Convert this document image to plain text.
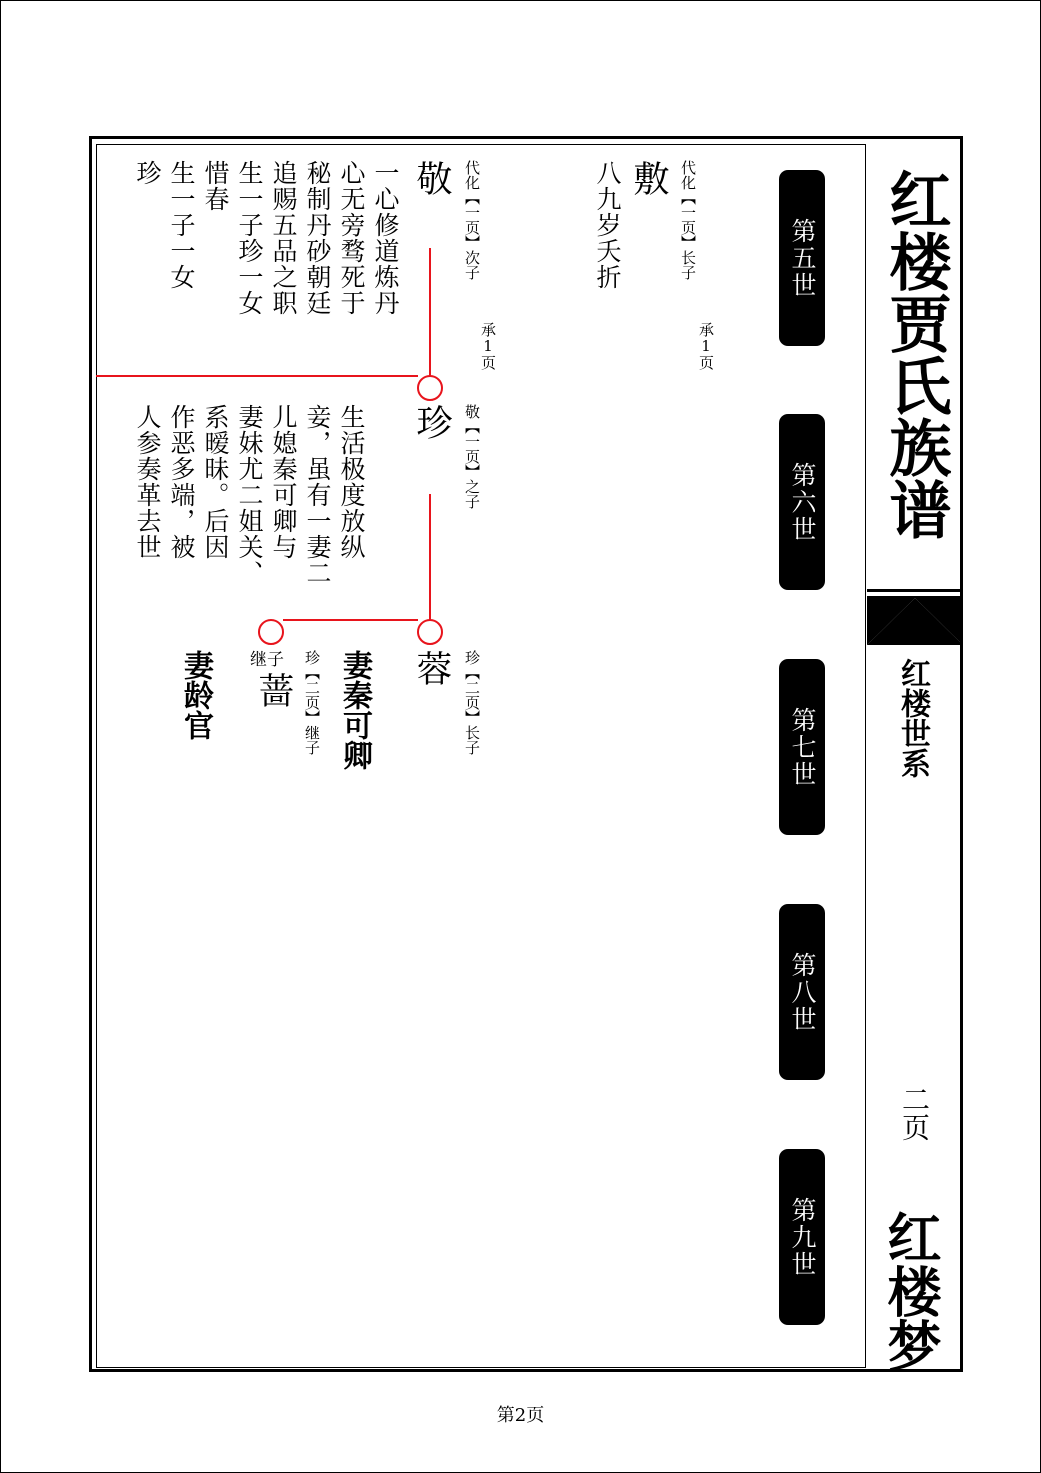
红楼贾氏族谱
红楼世系
二页
红楼梦
第五世
第六世
第七世
第八世
第九世
敷 代化【一页】长子
承1页
八九岁夭折
敬 代化【一页】次子
承1页
一心修道炼丹
心无旁骛死于
秘制丹砂朝廷
追赐五品之职
生一子珍一女
惜春
生一子一女
珍
珍 敬【一页】之子
生活极度放纵
妾，虽有一妻二
儿媳秦可卿与
妻妹尤二姐关、
系暧昧。后因
作恶多端，被
人参奏革去世
蓉 珍【二页】长子
妻秦可卿
蔷 珍【二页】继子
继子
妻龄官
第2页
